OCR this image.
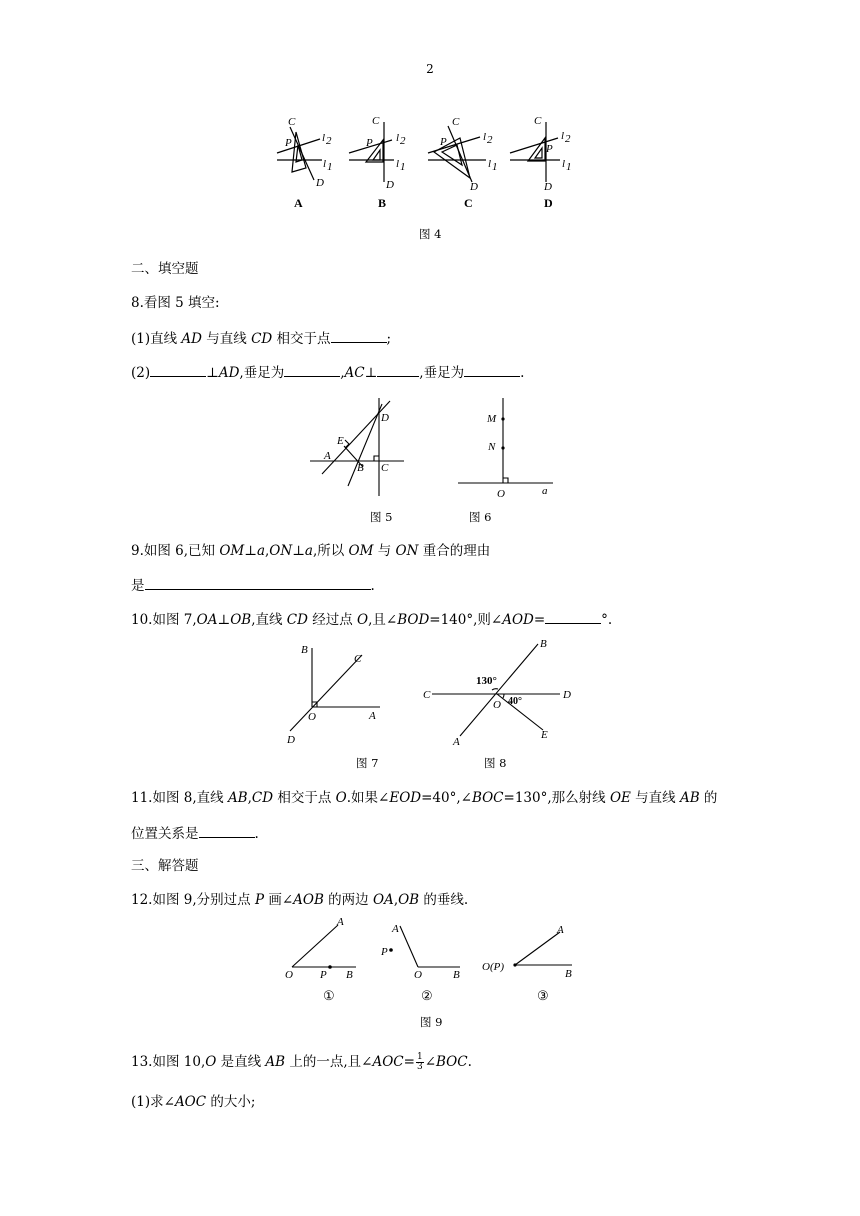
2
C
P
D
l 2
l 1
C
P
D
l 2
l 1
C
P
D
l 2
l 1
C
P
D
l 2
l 1
A	B	C	D
图 4
二、填空题
8.看图 5 填空:
(1)直线 AD 与直线 CD 相交于点	;
(2)	⊥AD,垂足为	,AC⊥	,垂足为	.
D
E
A
B C
M
N
O	a
图 5	图 6
9.如图 6,已知 OM⊥a,ON⊥a,所以 OM 与 ON 重合的理由
是	.
10.如图 7,OA⊥OB,直线 CD 经过点 O,且∠BOD=140°,则∠AOD=	°.
B
C
O	A
D
B
C	D
O
E
A
130°
40°
图 7	图 8
11.如图 8,直线 AB,CD 相交于点 O.如果∠EOD=40°,∠BOC=130°,那么射线 OE 与直线 AB 的
位置关系是	.
三、解答题
12.如图 9,分别过点 P 画∠AOB 的两边 OA,OB 的垂线.
A
O P B
A
P
O	B
A
O(P)
B
①	②	③
图 9
13.如图 10,O 是直线 AB 上的一点,且∠AOC= $\frac{1}{3}$ ∠BOC.
(1)求∠AOC 的大小;
